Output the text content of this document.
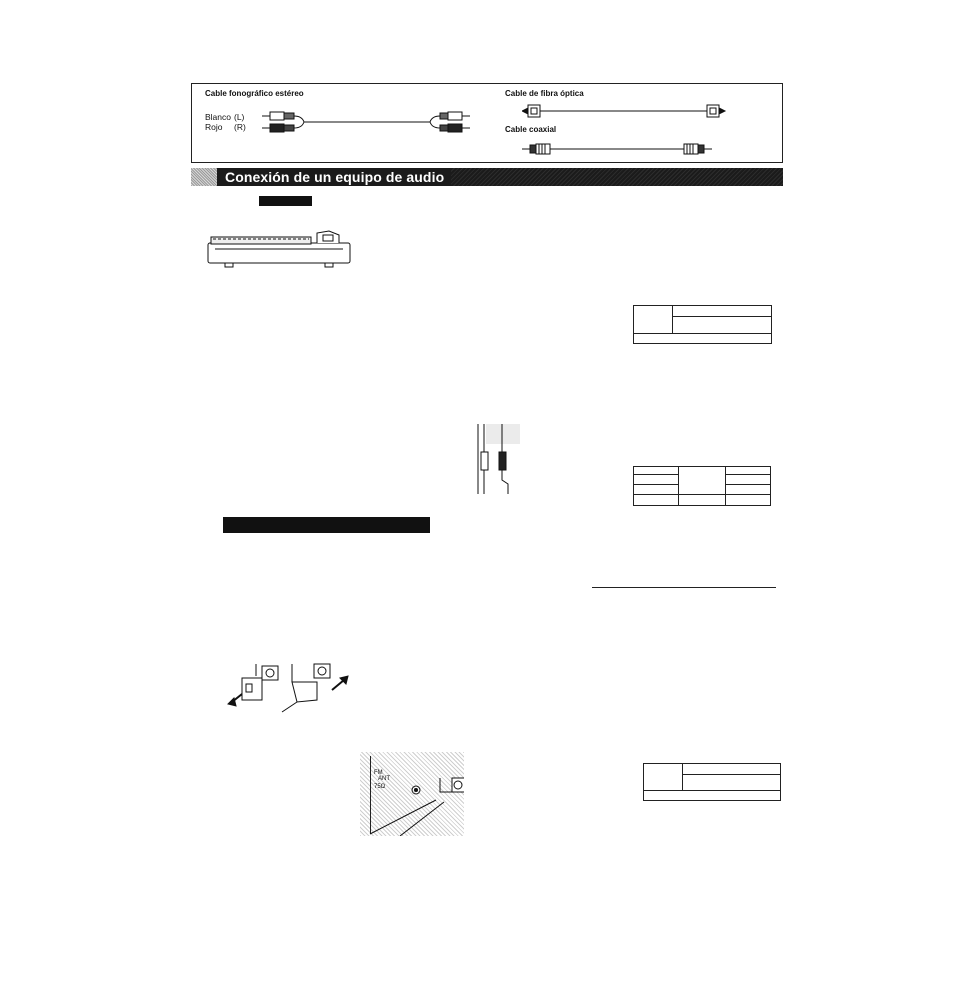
Cable fonográfico estéreo
Blanco (L)
Rojo (R)
Cable de fibra óptica
Cable coaxial
Conexión de un equipo de audio
FM
ANT
75Ω
